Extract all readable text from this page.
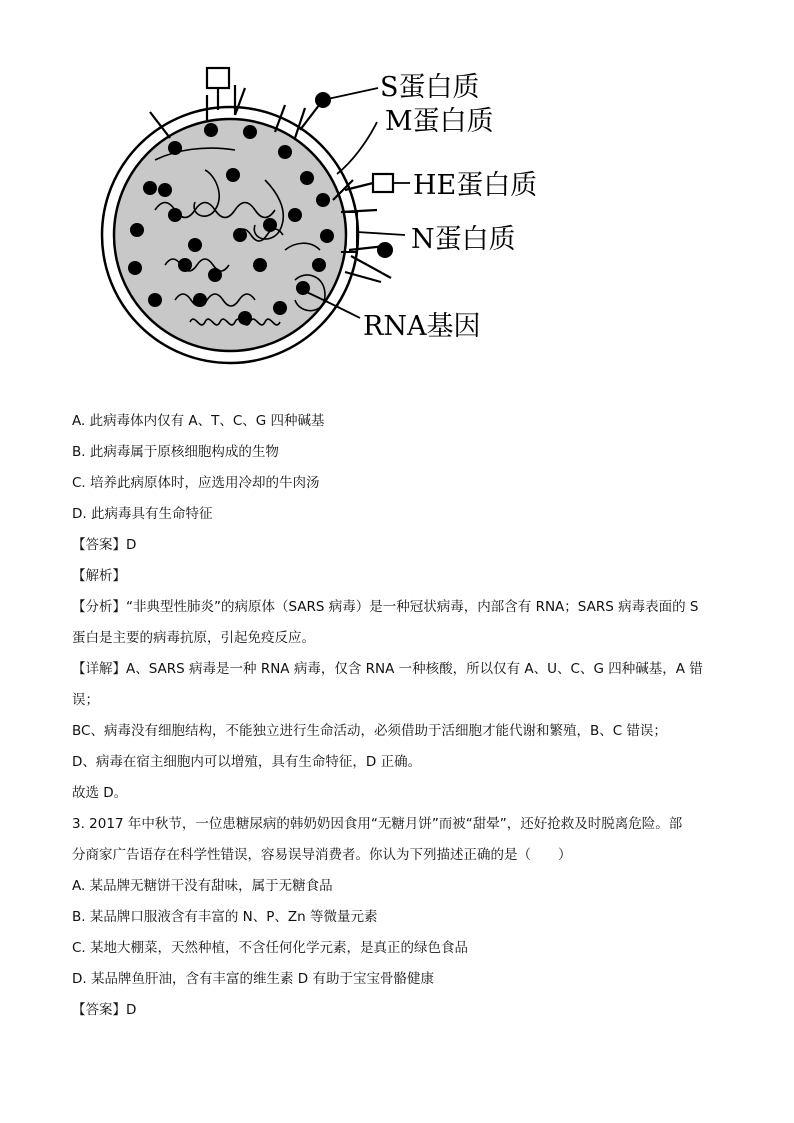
S蛋白质
M蛋白质
HE蛋白质
N蛋白质
RNA基因
A. 此病毒体内仅有 A、T、C、G 四种碱基
B. 此病毒属于原核细胞构成的生物
C. 培养此病原体时，应选用冷却的牛肉汤
D. 此病毒具有生命特征
【答案】D
【解析】
【分析】“非典型性肺炎”的病原体（SARS 病毒）是一种冠状病毒，内部含有 RNA；SARS 病毒表面的 S
蛋白是主要的病毒抗原，引起免疫反应。
【详解】A、SARS 病毒是一种 RNA 病毒，仅含 RNA 一种核酸，所以仅有 A、U、C、G 四种碱基，A 错
误；
BC、病毒没有细胞结构，不能独立进行生命活动，必须借助于活细胞才能代谢和繁殖，B、C 错误；
D、病毒在宿主细胞内可以增殖，具有生命特征，D 正确。
故选 D。
3. 2017 年中秋节，一位患糖尿病的韩奶奶因食用“无糖月饼”而被“甜晕”，还好抢救及时脱离危险。部
分商家广告语存在科学性错误，容易误导消费者。你认为下列描述正确的是（　　）
A. 某品牌无糖饼干没有甜味，属于无糖食品
B. 某品牌口服液含有丰富的 N、P、Zn 等微量元素
C. 某地大棚菜，天然种植，不含任何化学元素，是真正的绿色食品
D. 某品牌鱼肝油，含有丰富的维生素 D 有助于宝宝骨骼健康
【答案】D
